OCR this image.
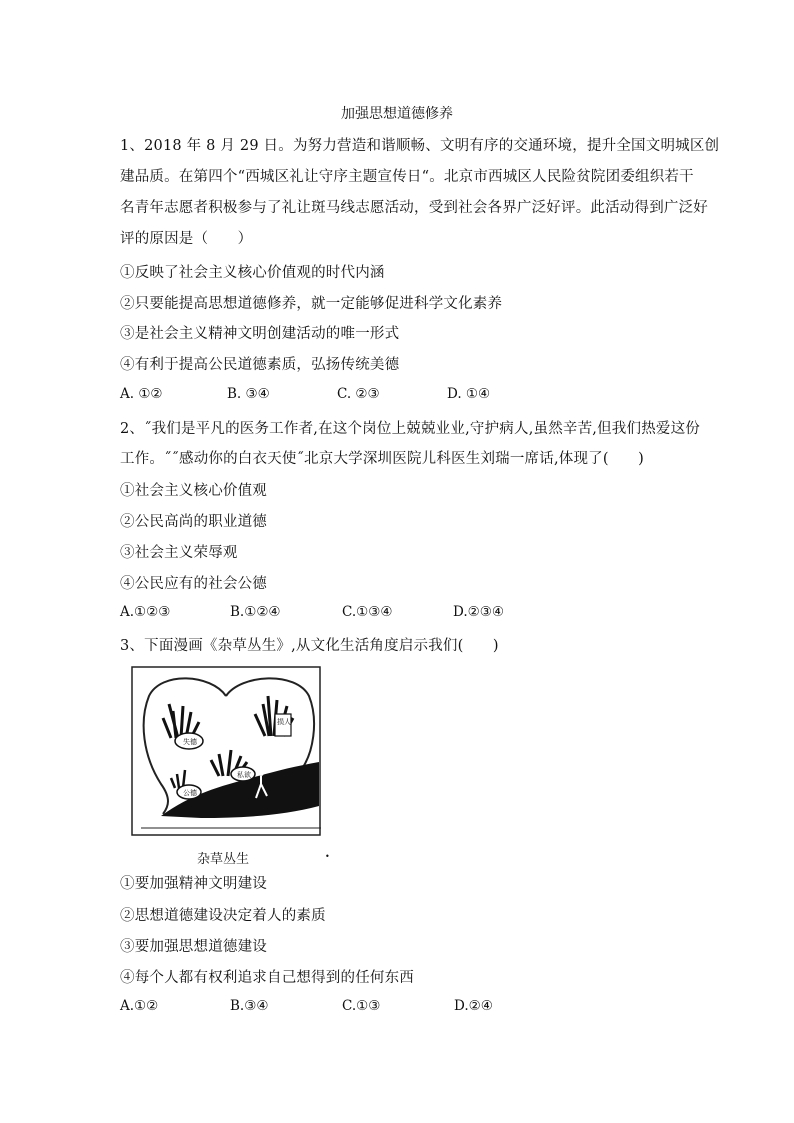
加强思想道德修养
1、2018 年 8 月 29 日。为努力营造和谐顺畅、文明有序的交通环境，提升全国文明城区创
建品质。在第四个“西城区礼让守序主题宣传日“。北京市西城区人民险贫院团委组织若干
名青年志愿者积极参与了礼让斑马线志愿活动，受到社会各界广泛好评。此活动得到广泛好
评的原因是（　　）
①反映了社会主义核心价值观的时代内涵
②只要能提高思想道德修养，就一定能够促进科学文化素养
③是社会主义精神文明创建活动的唯一形式
④有利于提高公民道德素质，弘扬传统美德
A. ①②	B. ③④	C. ②③	D. ①④
2、˝我们是平凡的医务工作者,在这个岗位上兢兢业业,守护病人,虽然辛苦,但我们热爱这份
工作。˝˝感动你的白衣天使˝北京大学深圳医院儿科医生刘瑞一席话,体现了(　　)
①社会主义核心价值观
②公民高尚的职业道德
③社会主义荣辱观
④公民应有的社会公德
A.①②③	B.①②④	C.①③④	D.②③④
3、下面漫画《杂草丛生》,从文化生活角度启示我们(　　)
失德
损人
私欲
公德
杂草丛生	•
①要加强精神文明建设
②思想道德建设决定着人的素质
③要加强思想道德建设
④每个人都有权利追求自己想得到的任何东西
A.①②	B.③④	C.①③	D.②④
